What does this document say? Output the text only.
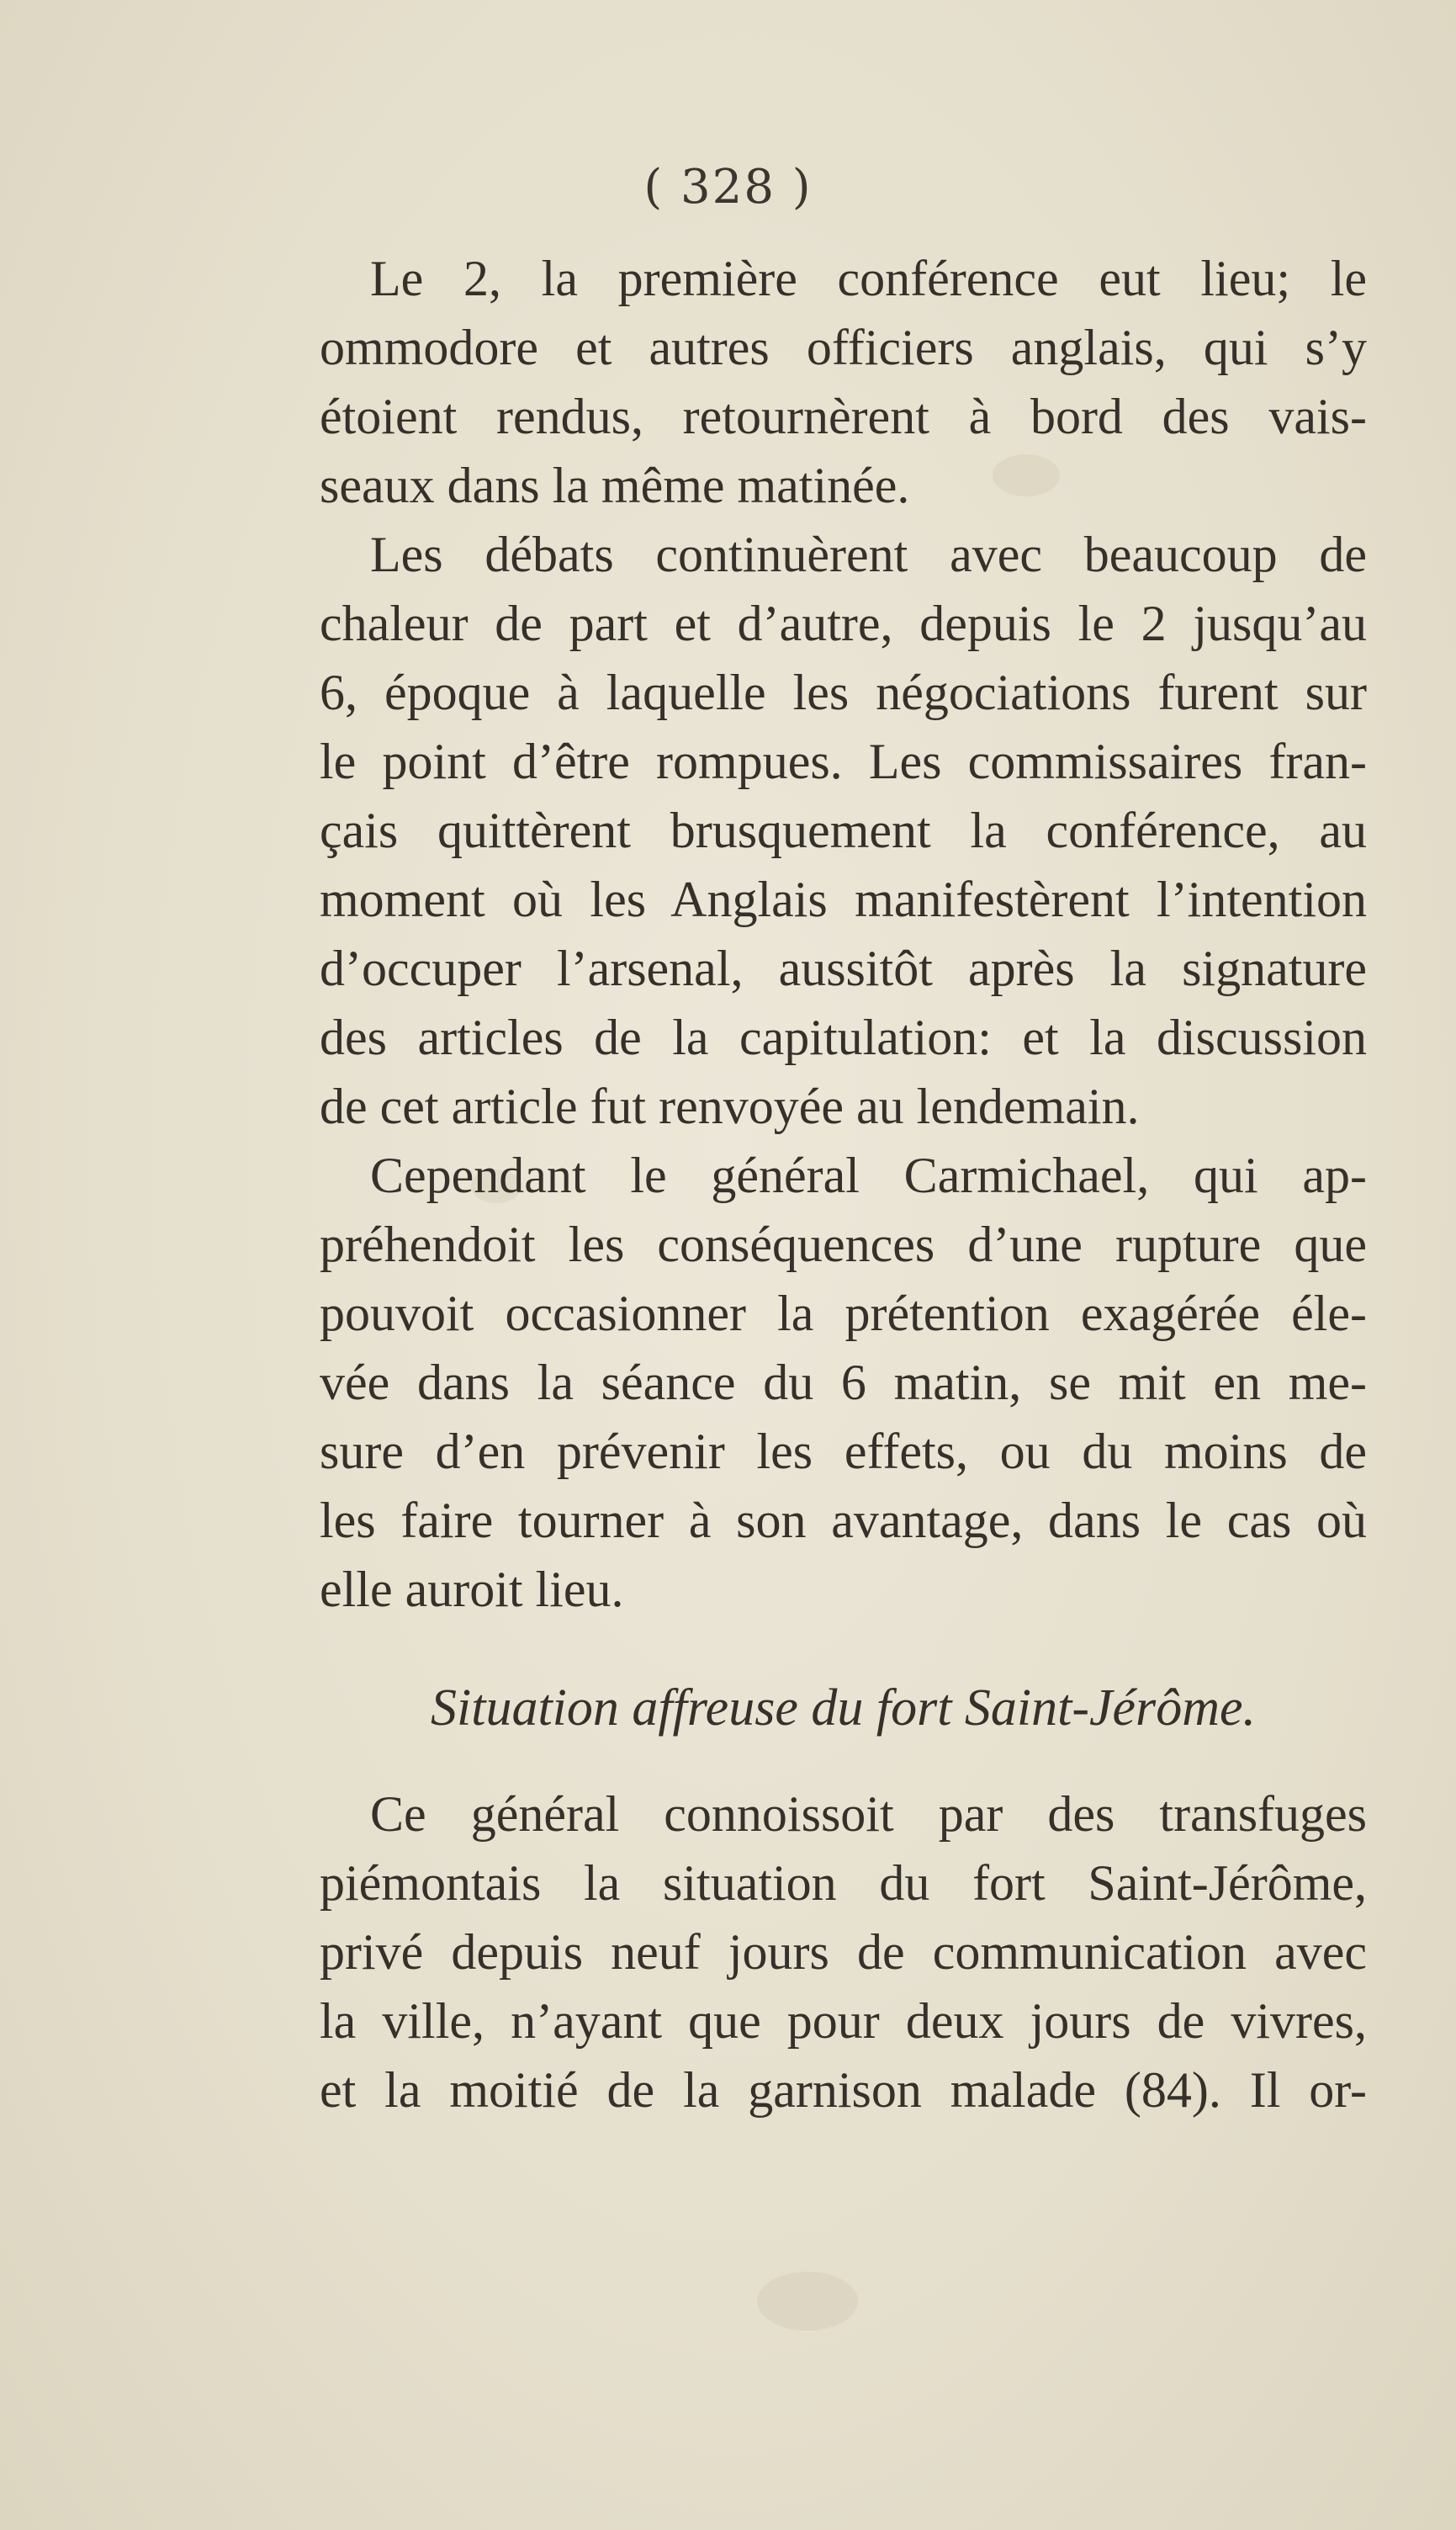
( 328 )
Le 2, la première conférence eut lieu; le
ommodore et autres officiers anglais, qui s’y
étoient rendus, retournèrent à bord des vais-
seaux dans la même matinée.
Les débats continuèrent avec beaucoup de
chaleur de part et d’autre, depuis le 2 jusqu’au
6, époque à laquelle les négociations furent sur
le point d’être rompues. Les commissaires fran-
çais quittèrent brusquement la conférence, au
moment où les Anglais manifestèrent l’intention
d’occuper l’arsenal, aussitôt après la signature
des articles de la capitulation: et la discussion
de cet article fut renvoyée au lendemain.
Cependant le général Carmichael, qui ap-
préhendoit les conséquences d’une rupture que
pouvoit occasionner la prétention exagérée éle-
vée dans la séance du 6 matin, se mit en me-
sure d’en prévenir les effets, ou du moins de
les faire tourner à son avantage, dans le cas où
elle auroit lieu.
Situation affreuse du fort Saint-Jérôme.
Ce général connoissoit par des transfuges
piémontais la situation du fort Saint-Jérôme,
privé depuis neuf jours de communication avec
la ville, n’ayant que pour deux jours de vivres,
et la moitié de la garnison malade (84). Il or-
